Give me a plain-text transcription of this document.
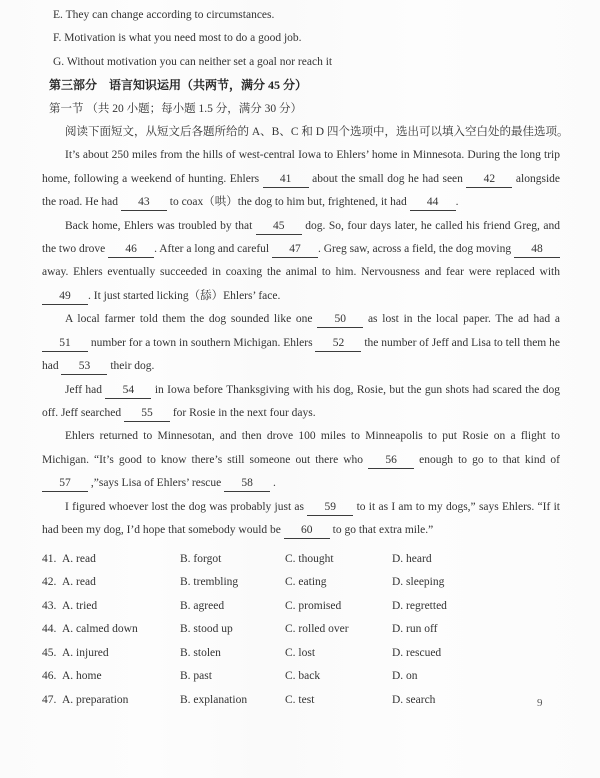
E. They can change according to circumstances.
F. Motivation is what you need most to do a good job.
G. Without motivation you can neither set a goal nor reach it
第三部分　语言知识运用（共两节，满分 45 分）
第一节 （共 20 小题；每小题 1.5 分，满分 30 分）
阅读下面短文，从短文后各题所给的 A、B、C 和 D 四个选项中，选出可以填入空白处的最佳选项。

It’s about 250 miles from the hills of west-central Iowa to Ehlers’ home in Minnesota. During the long trip home, following a weekend of hunting. Ehlers 41 about the small dog he had seen 42 alongside the road. He had 43 to coax（哄）the dog to him but, frightened, it had 44 .

Back home, Ehlers was troubled by that 45 dog. So, four days later, he called his friend Greg, and the two drove 46 . After a long and careful 47 . Greg saw, across a field, the dog moving 48 away. Ehlers eventually succeeded in coaxing the animal to him. Nervousness and fear were replaced with 49 . It just started licking（舔）Ehlers’ face.

A local farmer told them the dog sounded like one 50 as lost in the local paper. The ad had a 51 number for a town in southern Michigan. Ehlers 52 the number of Jeff and Lisa to tell them he had 53 their dog.

Jeff had 54 in Iowa before Thanksgiving with his dog, Rosie, but the gun shots had scared the dog off. Jeff searched 55 for Rosie in the next four days.

Ehlers returned to Minnesotan, and then drove 100 miles to Minneapolis to put Rosie on a flight to Michigan. “It’s good to know there’s still someone out there who 56 enough to go to that kind of 57 ,”says Lisa of Ehlers’ rescue 58 .

I figured whoever lost the dog was probably just as 59 to it as I am to my dogs,” says Ehlers. “If it had been my dog, I’d hope that somebody would be 60 to go that extra mile.”

41. A. read	B. forgot	C. thought	D. heard
42. A. read	B. trembling	C. eating	D. sleeping
43. A. tried	B. agreed	C. promised	D. regretted
44. A. calmed down	B. stood up	C. rolled over	D. run off
45. A. injured	B. stolen	C. lost	D. rescued
46. A. home	B. past	C. back	D. on
47. A. preparation	B. explanation	C. test	D. search	9
